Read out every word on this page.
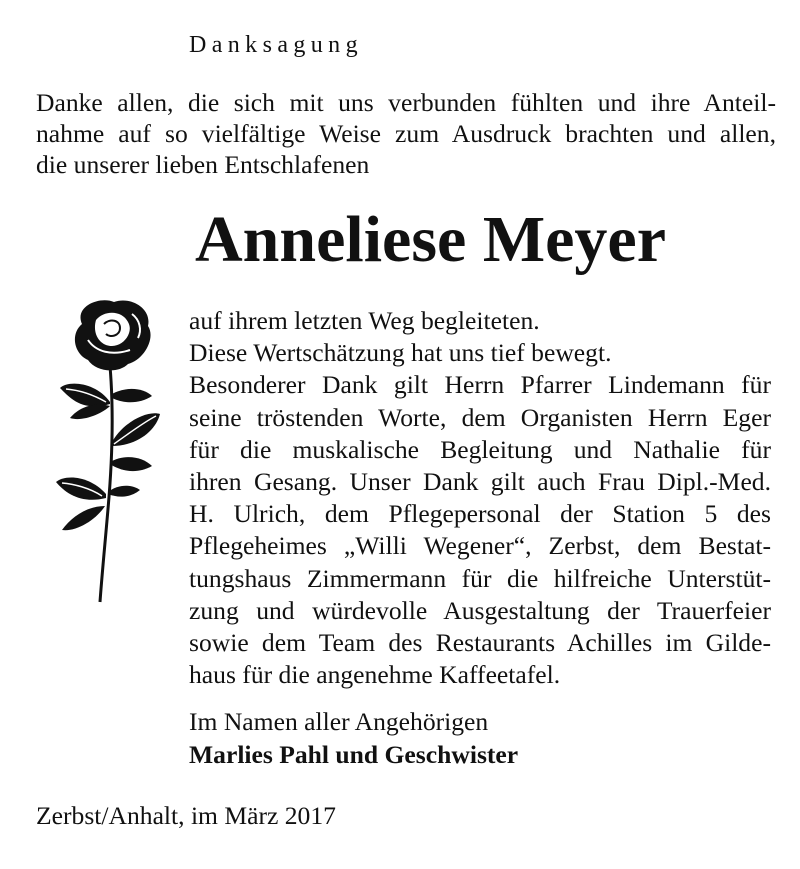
Danksagung
Danke allen, die sich mit uns verbunden fühlten und ihre Anteil-
nahme auf so vielfältige Weise zum Ausdruck brachten und allen,
die unserer lieben Entschlafenen
Anneliese Meyer
auf ihrem letzten Weg begleiteten.
Diese Wertschätzung hat uns tief bewegt.
Besonderer Dank gilt Herrn Pfarrer Lindemann für
seine tröstenden Worte, dem Organisten Herrn Eger
für die muskalische Begleitung und Nathalie für
ihren Gesang. Unser Dank gilt auch Frau Dipl.-Med.
H. Ulrich, dem Pflegepersonal der Station 5 des
Pflegeheimes „Willi Wegener“, Zerbst, dem Bestat-
tungshaus Zimmermann für die hilfreiche Unterstüt-
zung und würdevolle Ausgestaltung der Trauerfeier
sowie dem Team des Restaurants Achilles im Gilde-
haus für die angenehme Kaffeetafel.
Im Namen aller Angehörigen
Marlies Pahl und Geschwister
Zerbst/Anhalt, im März 2017
